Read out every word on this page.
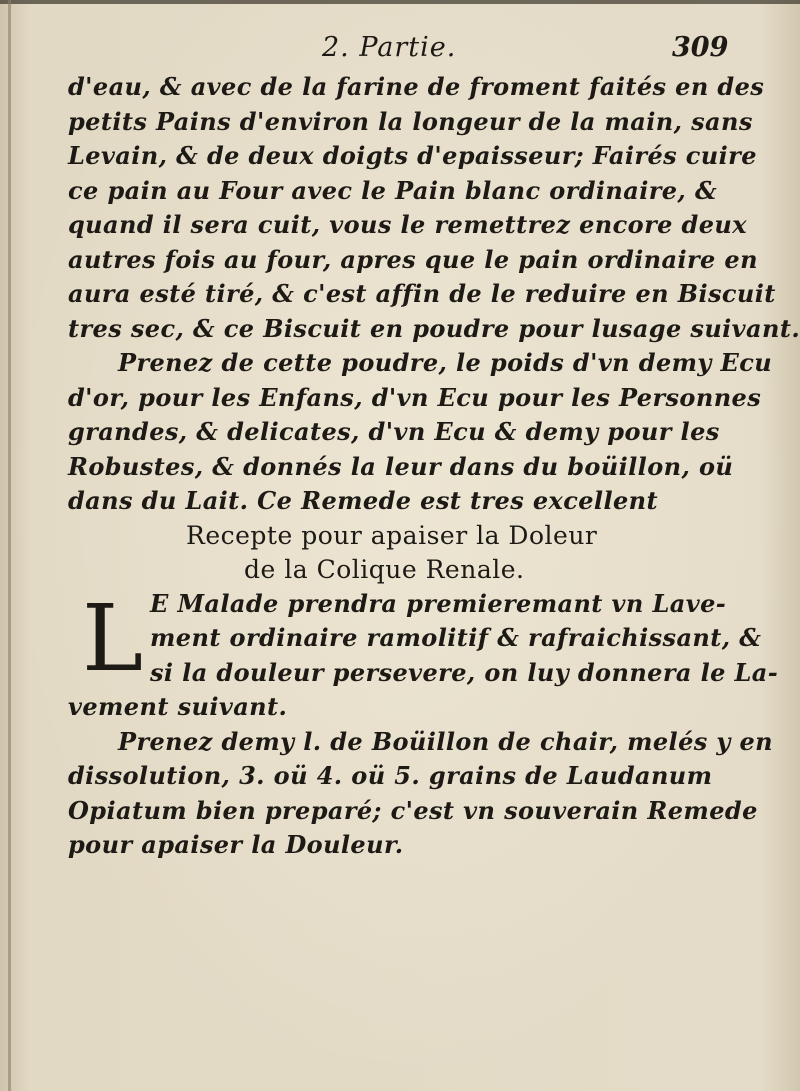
2. Partie.	309
d'eau, & avec de la farine de froment faités en des
petits Pains d'environ la longeur de la main, sans
Levain, & de deux doigts d'epaisseur; Fairés cuire
ce pain au Four avec le Pain blanc ordinaire, &
quand il sera cuit, vous le remettrez encore deux
autres fois au four, apres que le pain ordinaire en
aura esté tiré, & c'est affin de le reduire en Biscuit
tres sec, & ce Biscuit en poudre pour lusage suivant.
Prenez de cette poudre, le poids d'vn demy Ecu
d'or, pour les Enfans, d'vn Ecu pour les Personnes
grandes, & delicates, d'vn Ecu & demy pour les
Robustes, & donnés la leur dans du boüillon, oü
dans du Lait. Ce Remede est tres excellent
Recepte pour apaiser la Doleur
de la Colique Renale.
L E Malade prendra premieremant vn Lave-
ment ordinaire ramolitif & rafraichissant, &
si la douleur persevere, on luy donnera le La-
vement suivant.
Prenez demy l. de Boüillon de chair, melés y en
dissolution, 3. oü 4. oü 5. grains de Laudanum
Opiatum bien preparé; c'est vn souverain Remede
pour apaiser la Douleur.
